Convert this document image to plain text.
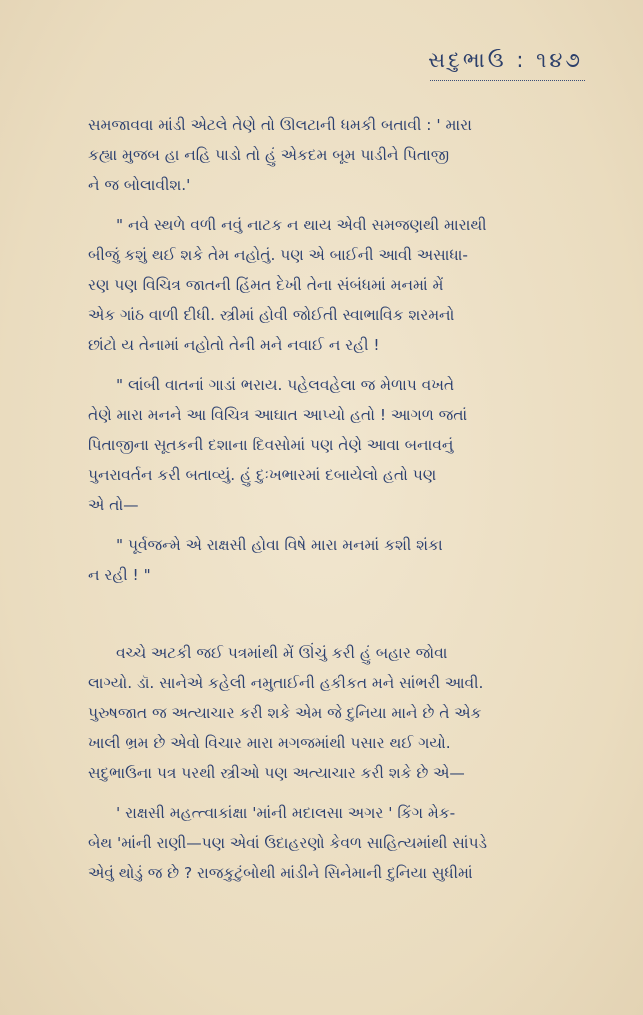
સદુભાઉ : ૧૪૭

સમજાવવા માંડી એટલે તેણે તો ઊલટાની ધમકી બતાવી : ' મારા
કહ્યા મુજબ હા નહિ પાડો તો હું એકદમ બૂમ પાડીને પિતાજી
ને જ બોલાવીશ.'

" નવે સ્થળે વળી નવું નાટક ન થાય એવી સમજણથી મારાથી
બીજું કશું થઈ શકે તેમ નહોતું. પણ એ બાઈની આવી અસાધા-
રણ પણ વિચિત્ર જાતની હિંમત દેખી તેના સંબંધમાં મનમાં મેં
એક ગાંઠ વાળી દીધી. સ્ત્રીમાં હોવી જોઈતી સ્વાભાવિક શરમનો
છાંટો ય તેનામાં નહોતો તેની મને નવાઈ ન રહી !

" લાંબી વાતનાં ગાડાં ભરાય. પહેલવહેલા જ મેળાપ વખતે
તેણે મારા મનને આ વિચિત્ર આઘાત આપ્યો હતો ! આગળ જતાં
પિતાજીના સૂતકની દશાના દિવસોમાં પણ તેણે આવા બનાવનું
પુનરાવર્તન કરી બતાવ્યું. હું દુઃખભારમાં દબાયેલો હતો પણ
એ તો—

" પૂર્વજન્મે એ રાક્ષસી હોવા વિષે મારા મનમાં કશી શંકા
ન રહી ! "

વચ્ચે અટકી જઈ પત્રમાંથી મેં ઊંચું કરી હું બહાર જોવા
લાગ્યો. ડૉ. સાનેએ કહેલી નમુતાઈની હકીકત મને સાંભરી આવી.
પુરુષજાત જ અત્યાચાર કરી શકે એમ જે દુનિયા માને છે તે એક
ખાલી ભ્રમ છે એવો વિચાર મારા મગજમાંથી પસાર થઈ ગયો.
સદુભાઉના પત્ર પરથી સ્ત્રીઓ પણ અત્યાચાર કરી શકે છે એ—

' રાક્ષસી મહત્ત્વાકાંક્ષા 'માંની મદાલસા અગર ' કિંગ મેક-
બેથ 'માંની રાણી—પણ એવાં ઉદાહરણો કેવળ સાહિત્યમાંથી સાંપડે
એવું થોડું જ છે ? રાજકુટુંબોથી માંડીને સિનેમાની દુનિયા સુધીમાં
